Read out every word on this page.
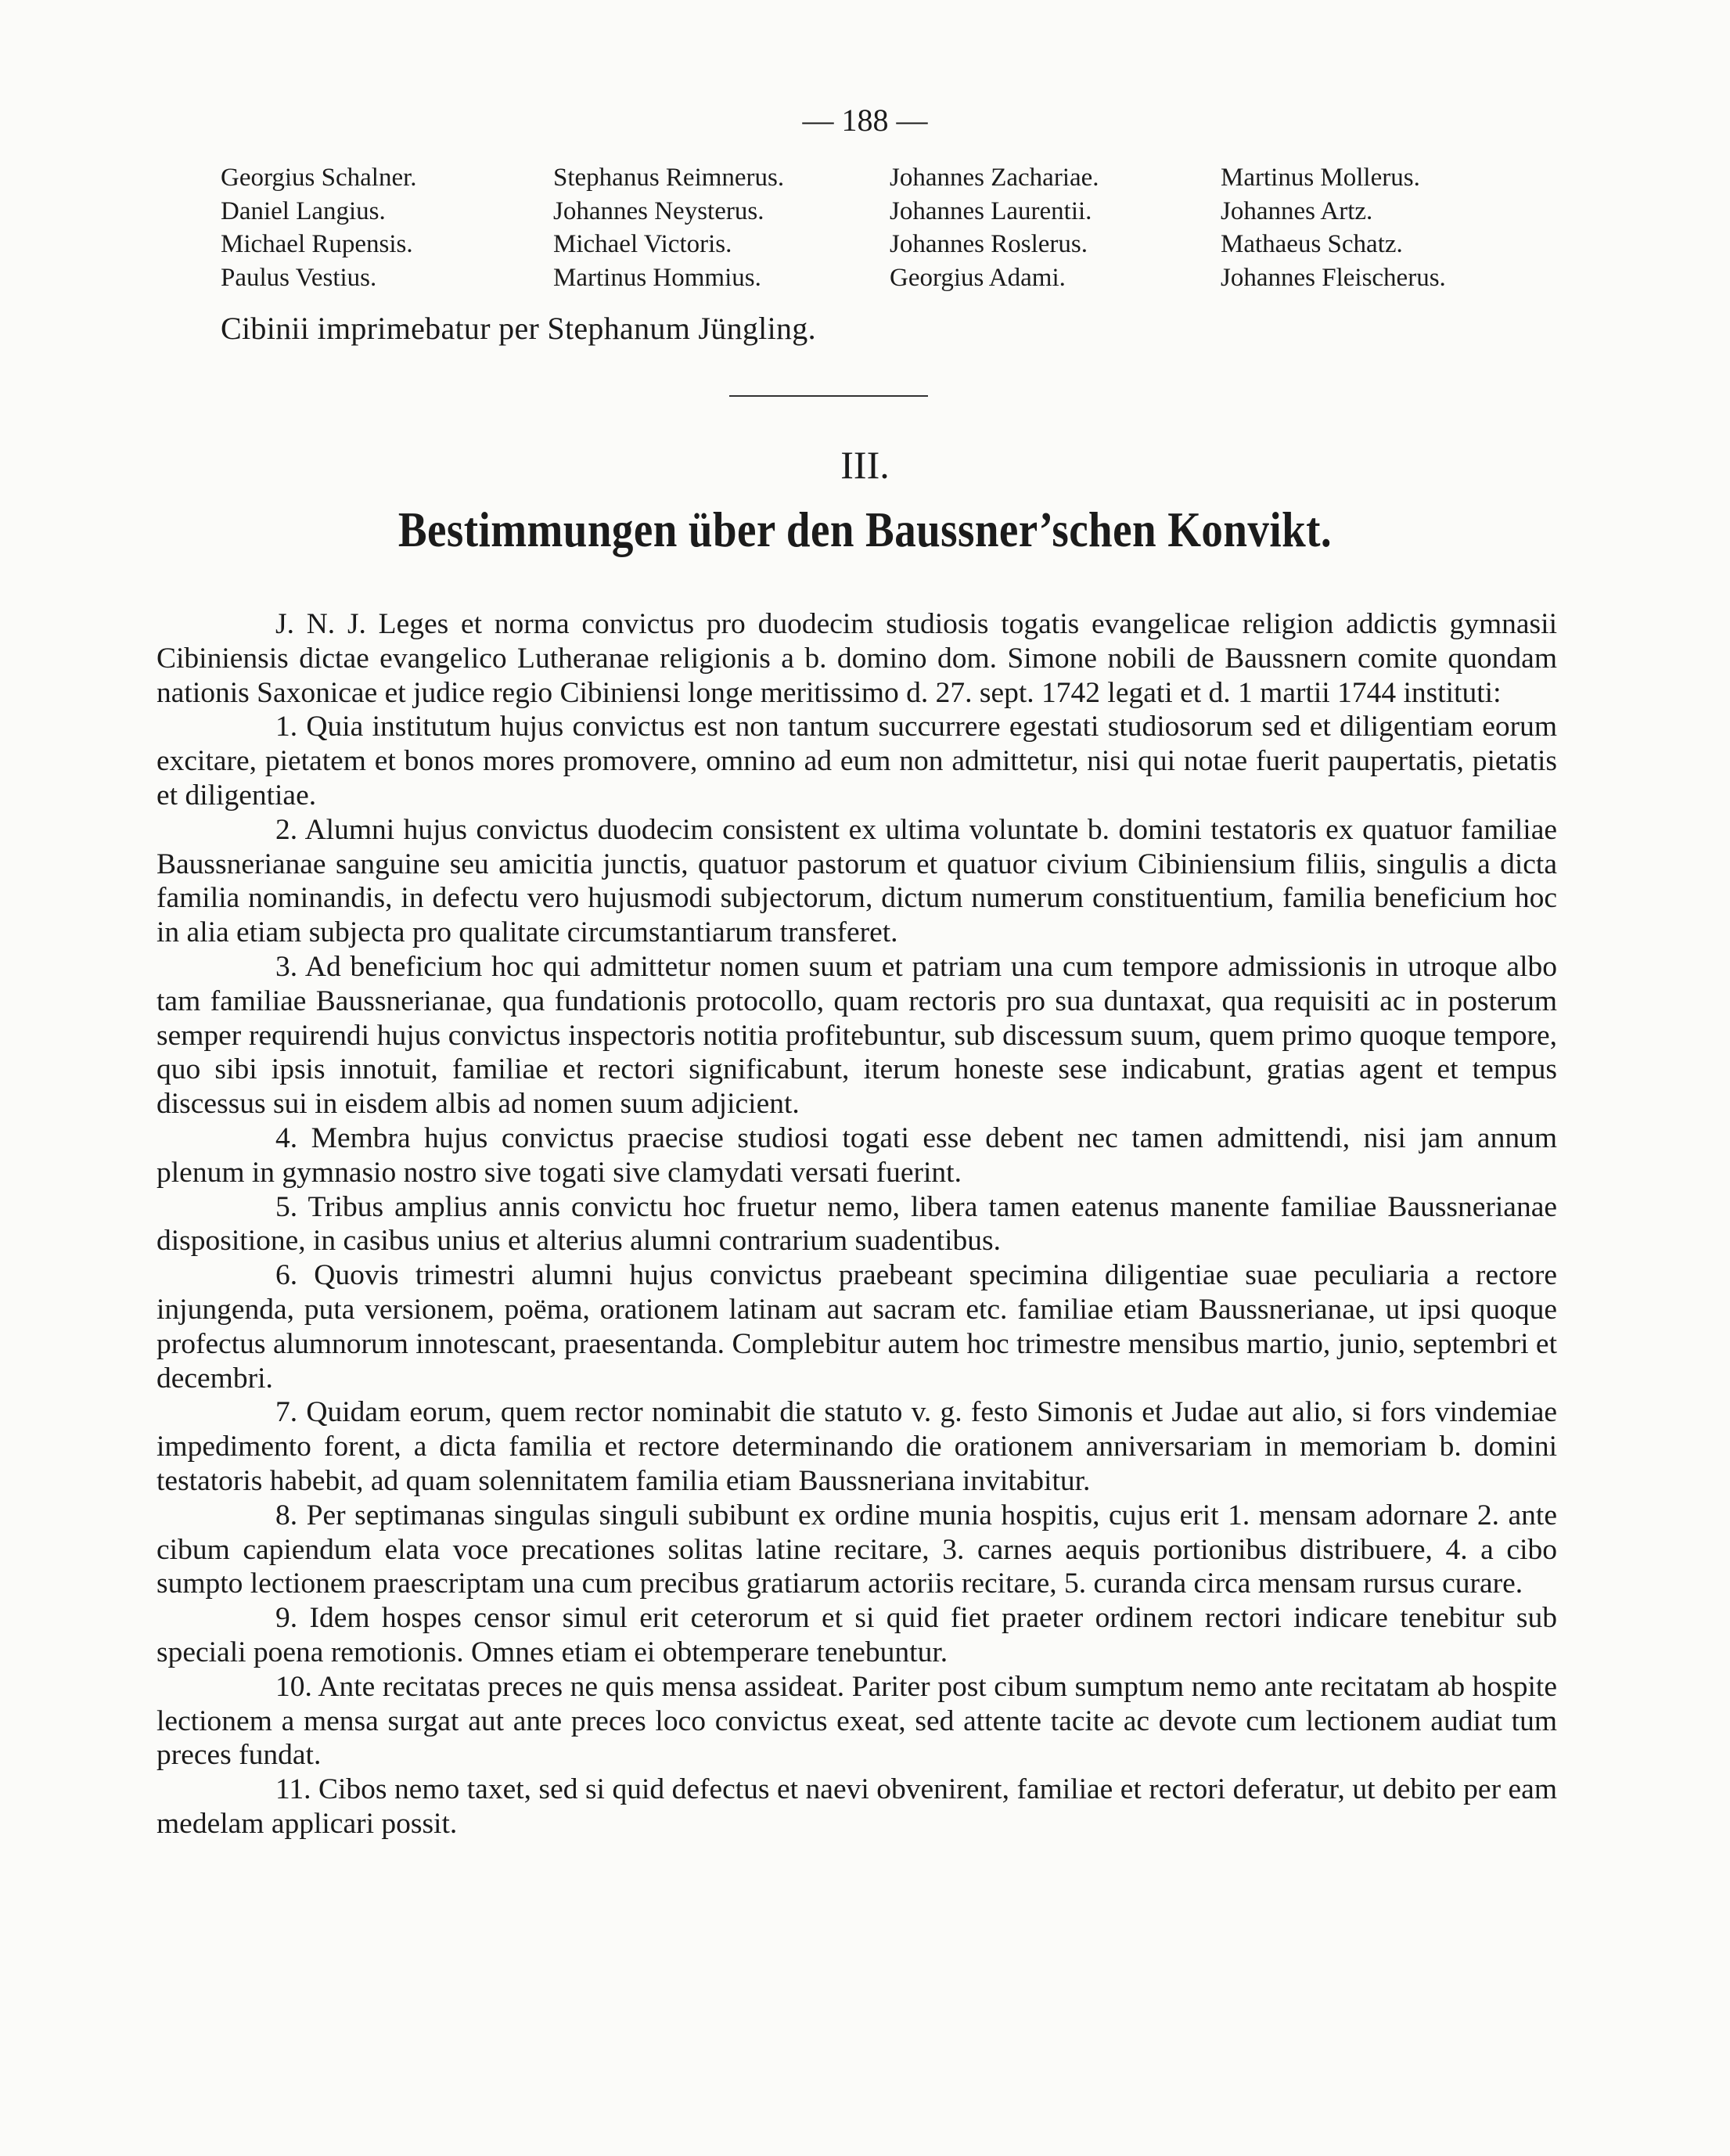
— 188 —
Georgius Schalner.
Daniel Langius.
Michael Rupensis.
Paulus Vestius.
Stephanus Reimnerus.
Johannes Neysterus.
Michael Victoris.
Martinus Hommius.
Johannes Zachariae.
Johannes Laurentii.
Johannes Roslerus.
Georgius Adami.
Martinus Mollerus.
Johannes Artz.
Mathaeus Schatz.
Johannes Fleischerus.
Cibinii imprimebatur per Stephanum Jüngling.
III.
Bestimmungen über den Baussner’schen Konvikt.

J. N. J. Leges et norma convictus pro duodecim studiosis togatis evangelicae religion addictis gymnasii Cibiniensis dictae evangelico Lutheranae religionis a b. domino dom. Simone nobili de Baussnern comite quondam nationis Saxonicae et judice regio Cibiniensi longe meritissimo d. 27. sept. 1742 legati et d. 1 martii 1744 instituti:

1. Quia institutum hujus convictus est non tantum succurrere egestati studiosorum sed et diligentiam eorum excitare, pietatem et bonos mores promovere, omnino ad eum non admittetur, nisi qui notae fuerit paupertatis, pietatis et diligentiae.

2. Alumni hujus convictus duodecim consistent ex ultima voluntate b. domini testatoris ex quatuor familiae Baussnerianae sanguine seu amicitia junctis, quatuor pastorum et quatuor civium Cibiniensium filiis, singulis a dicta familia nominandis, in defectu vero hujusmodi subjectorum, dictum numerum constituentium, familia beneficium hoc in alia etiam subjecta pro qualitate circumstantiarum transferet.

3. Ad beneficium hoc qui admittetur nomen suum et patriam una cum tempore admissionis in utroque albo tam familiae Baussnerianae, qua fundationis protocollo, quam rectoris pro sua duntaxat, qua requisiti ac in posterum semper requirendi hujus convictus inspectoris notitia profitebuntur, sub discessum suum, quem primo quoque tempore, quo sibi ipsis innotuit, familiae et rectori significabunt, iterum honeste sese indicabunt, gratias agent et tempus discessus sui in eisdem albis ad nomen suum adjicient.

4. Membra hujus convictus praecise studiosi togati esse debent nec tamen admittendi, nisi jam annum plenum in gymnasio nostro sive togati sive clamydati versati fuerint.

5. Tribus amplius annis convictu hoc fruetur nemo, libera tamen eatenus manente familiae Baussnerianae dispositione, in casibus unius et alterius alumni contrarium suadentibus.

6. Quovis trimestri alumni hujus convictus praebeant specimina diligentiae suae peculiaria a rectore injungenda, puta versionem, poëma, orationem latinam aut sacram etc. familiae etiam Baussnerianae, ut ipsi quoque profectus alumnorum innotescant, praesentanda. Complebitur autem hoc trimestre mensibus martio, junio, septembri et decembri.

7. Quidam eorum, quem rector nominabit die statuto v. g. festo Simonis et Judae aut alio, si fors vindemiae impedimento forent, a dicta familia et rectore determinando die orationem anniversariam in memoriam b. domini testatoris habebit, ad quam solennitatem familia etiam Baussneriana invitabitur.

8. Per septimanas singulas singuli subibunt ex ordine munia hospitis, cujus erit 1. mensam adornare 2. ante cibum capiendum elata voce precationes solitas latine recitare, 3. carnes aequis portionibus distribuere, 4. a cibo sumpto lectionem praescriptam una cum precibus gratiarum actoriis recitare, 5. curanda circa mensam rursus curare.

9. Idem hospes censor simul erit ceterorum et si quid fiet praeter ordinem rectori indicare tenebitur sub speciali poena remotionis. Omnes etiam ei obtemperare tenebuntur.

10. Ante recitatas preces ne quis mensa assideat. Pariter post cibum sumptum nemo ante recitatam ab hospite lectionem a mensa surgat aut ante preces loco convictus exeat, sed attente tacite ac devote cum lectionem audiat tum preces fundat.

11. Cibos nemo taxet, sed si quid defectus et naevi obvenirent, familiae et rectori deferatur, ut debito per eam medelam applicari possit.
